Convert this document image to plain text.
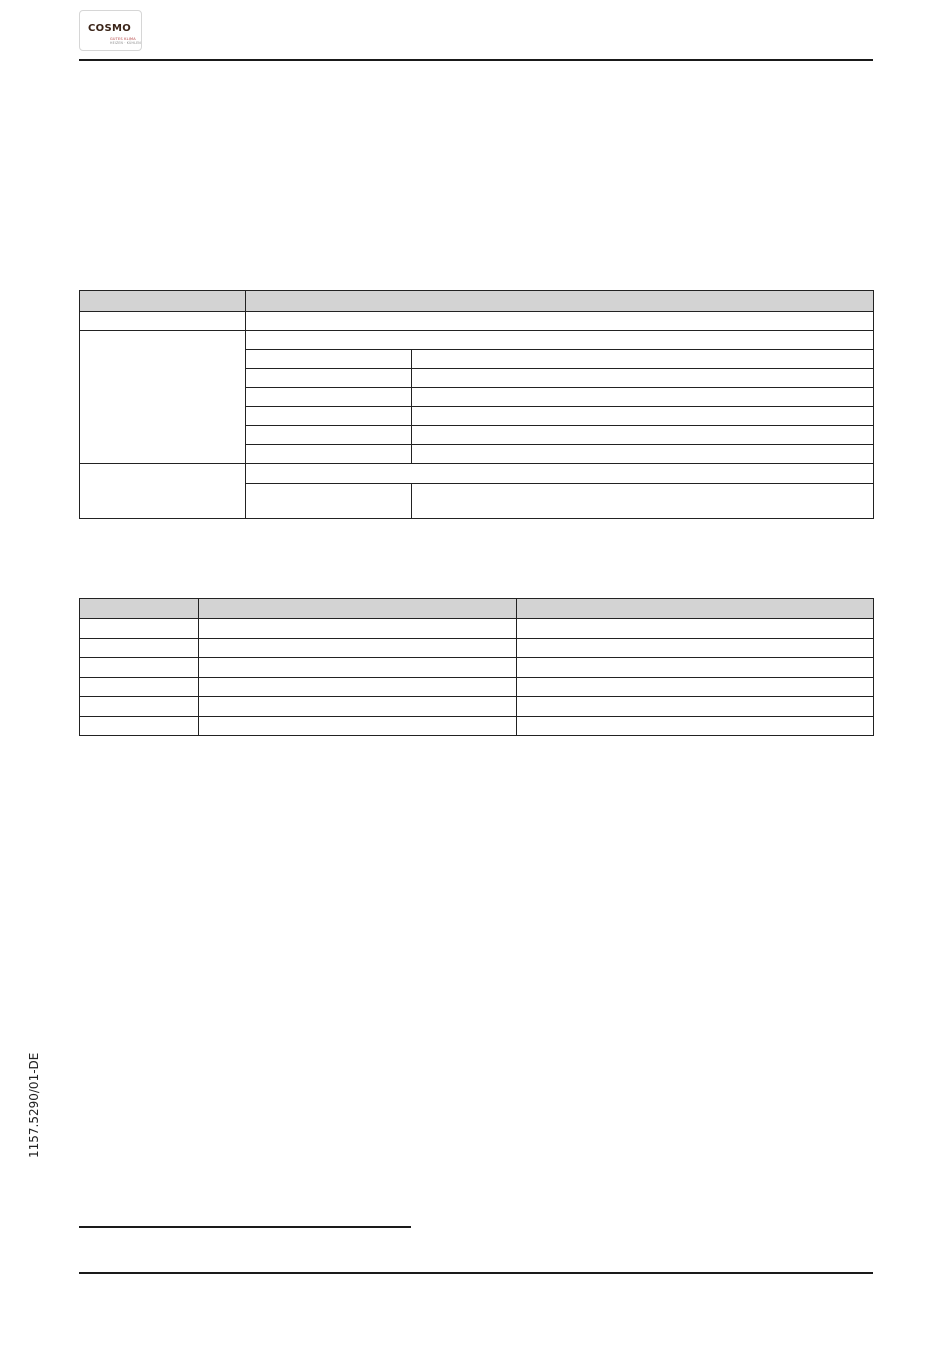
COSMO
GUTES KLIMA
HEIZEN · KÜHLEN

1157.5290/01-DE
